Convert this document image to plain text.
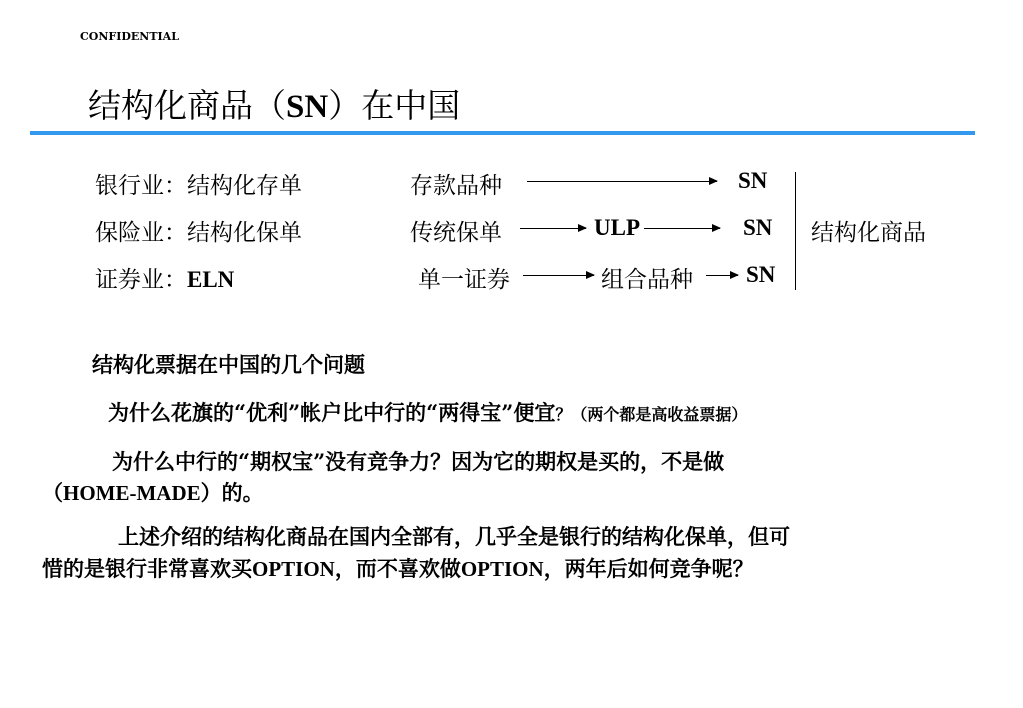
CONFIDENTIAL
结构化商品（SN）在中国
银行业：结构化存单	存款品种	SN
保险业：结构化保单	传统保单	ULP	SN
证券业：ELN	单一证券	组合品种 SN
结构化商品
结构化票据在中国的几个问题
为什么花旗的“优利”帐户比中行的“两得宝”便宜？（两个都是高收益票据）
为什么中行的“期权宝”没有竞争力？因为它的期权是买的，不是做
（HOME-MADE）的。
上述介绍的结构化商品在国内全部有，几乎全是银行的结构化保单，但可
惜的是银行非常喜欢买OPTION，而不喜欢做OPTION，两年后如何竞争呢？
